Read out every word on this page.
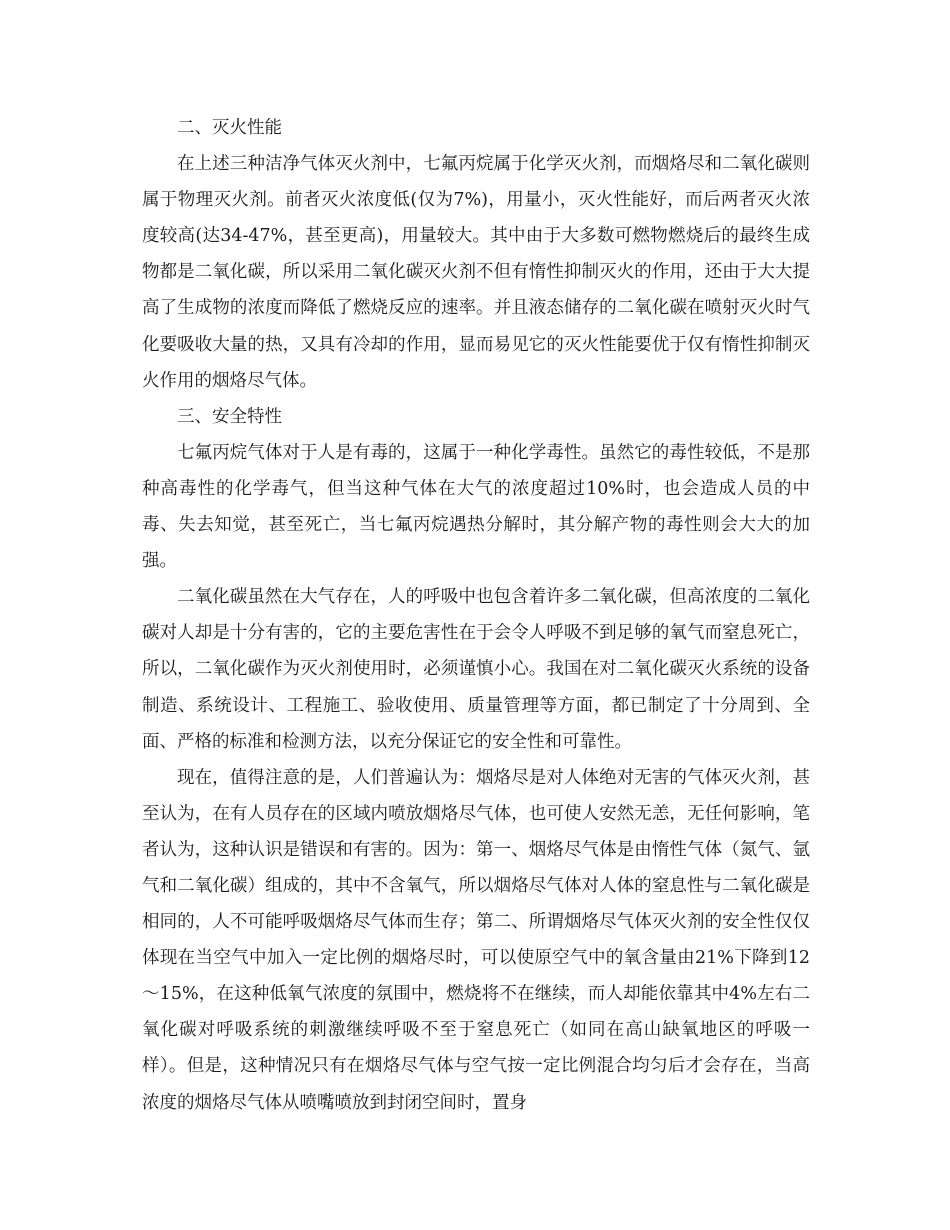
二、灭火性能

在上述三种洁净气体灭火剂中，七氟丙烷属于化学灭火剂，而烟烙尽和二氧化碳则属于物理灭火剂。前者灭火浓度低(仅为7%)，用量小，灭火性能好，而后两者灭火浓度较高(达34-47%，甚至更高)，用量较大。其中由于大多数可燃物燃烧后的最终生成物都是二氧化碳，所以采用二氧化碳灭火剂不但有惰性抑制灭火的作用，还由于大大提高了生成物的浓度而降低了燃烧反应的速率。并且液态储存的二氧化碳在喷射灭火时气化要吸收大量的热，又具有冷却的作用，显而易见它的灭火性能要优于仅有惰性抑制灭火作用的烟烙尽气体。

三、安全特性

七氟丙烷气体对于人是有毒的，这属于一种化学毒性。虽然它的毒性较低，不是那种高毒性的化学毒气，但当这种气体在大气的浓度超过10%时，也会造成人员的中毒、失去知觉，甚至死亡，当七氟丙烷遇热分解时，其分解产物的毒性则会大大的加强。

二氧化碳虽然在大气存在，人的呼吸中也包含着许多二氧化碳，但高浓度的二氧化碳对人却是十分有害的，它的主要危害性在于会令人呼吸不到足够的氧气而窒息死亡，所以，二氧化碳作为灭火剂使用时，必须谨慎小心。我国在对二氧化碳灭火系统的设备制造、系统设计、工程施工、验收使用、质量管理等方面，都已制定了十分周到、全面、严格的标准和检测方法，以充分保证它的安全性和可靠性。

现在，值得注意的是，人们普遍认为：烟烙尽是对人体绝对无害的气体灭火剂，甚至认为，在有人员存在的区域内喷放烟烙尽气体，也可使人安然无恙，无任何影响，笔者认为，这种认识是错误和有害的。因为：第一、烟烙尽气体是由惰性气体（氮气、氩气和二氧化碳）组成的，其中不含氧气，所以烟烙尽气体对人体的窒息性与二氧化碳是相同的，人不可能呼吸烟烙尽气体而生存；第二、所谓烟烙尽气体灭火剂的安全性仅仅体现在当空气中加入一定比例的烟烙尽时，可以使原空气中的氧含量由21%下降到12～15%，在这种低氧气浓度的氛围中，燃烧将不在继续，而人却能依靠其中4%左右二氧化碳对呼吸系统的刺激继续呼吸不至于窒息死亡（如同在高山缺氧地区的呼吸一样）。但是，这种情况只有在烟烙尽气体与空气按一定比例混合均匀后才会存在，当高浓度的烟烙尽气体从喷嘴喷放到封闭空间时，置身
